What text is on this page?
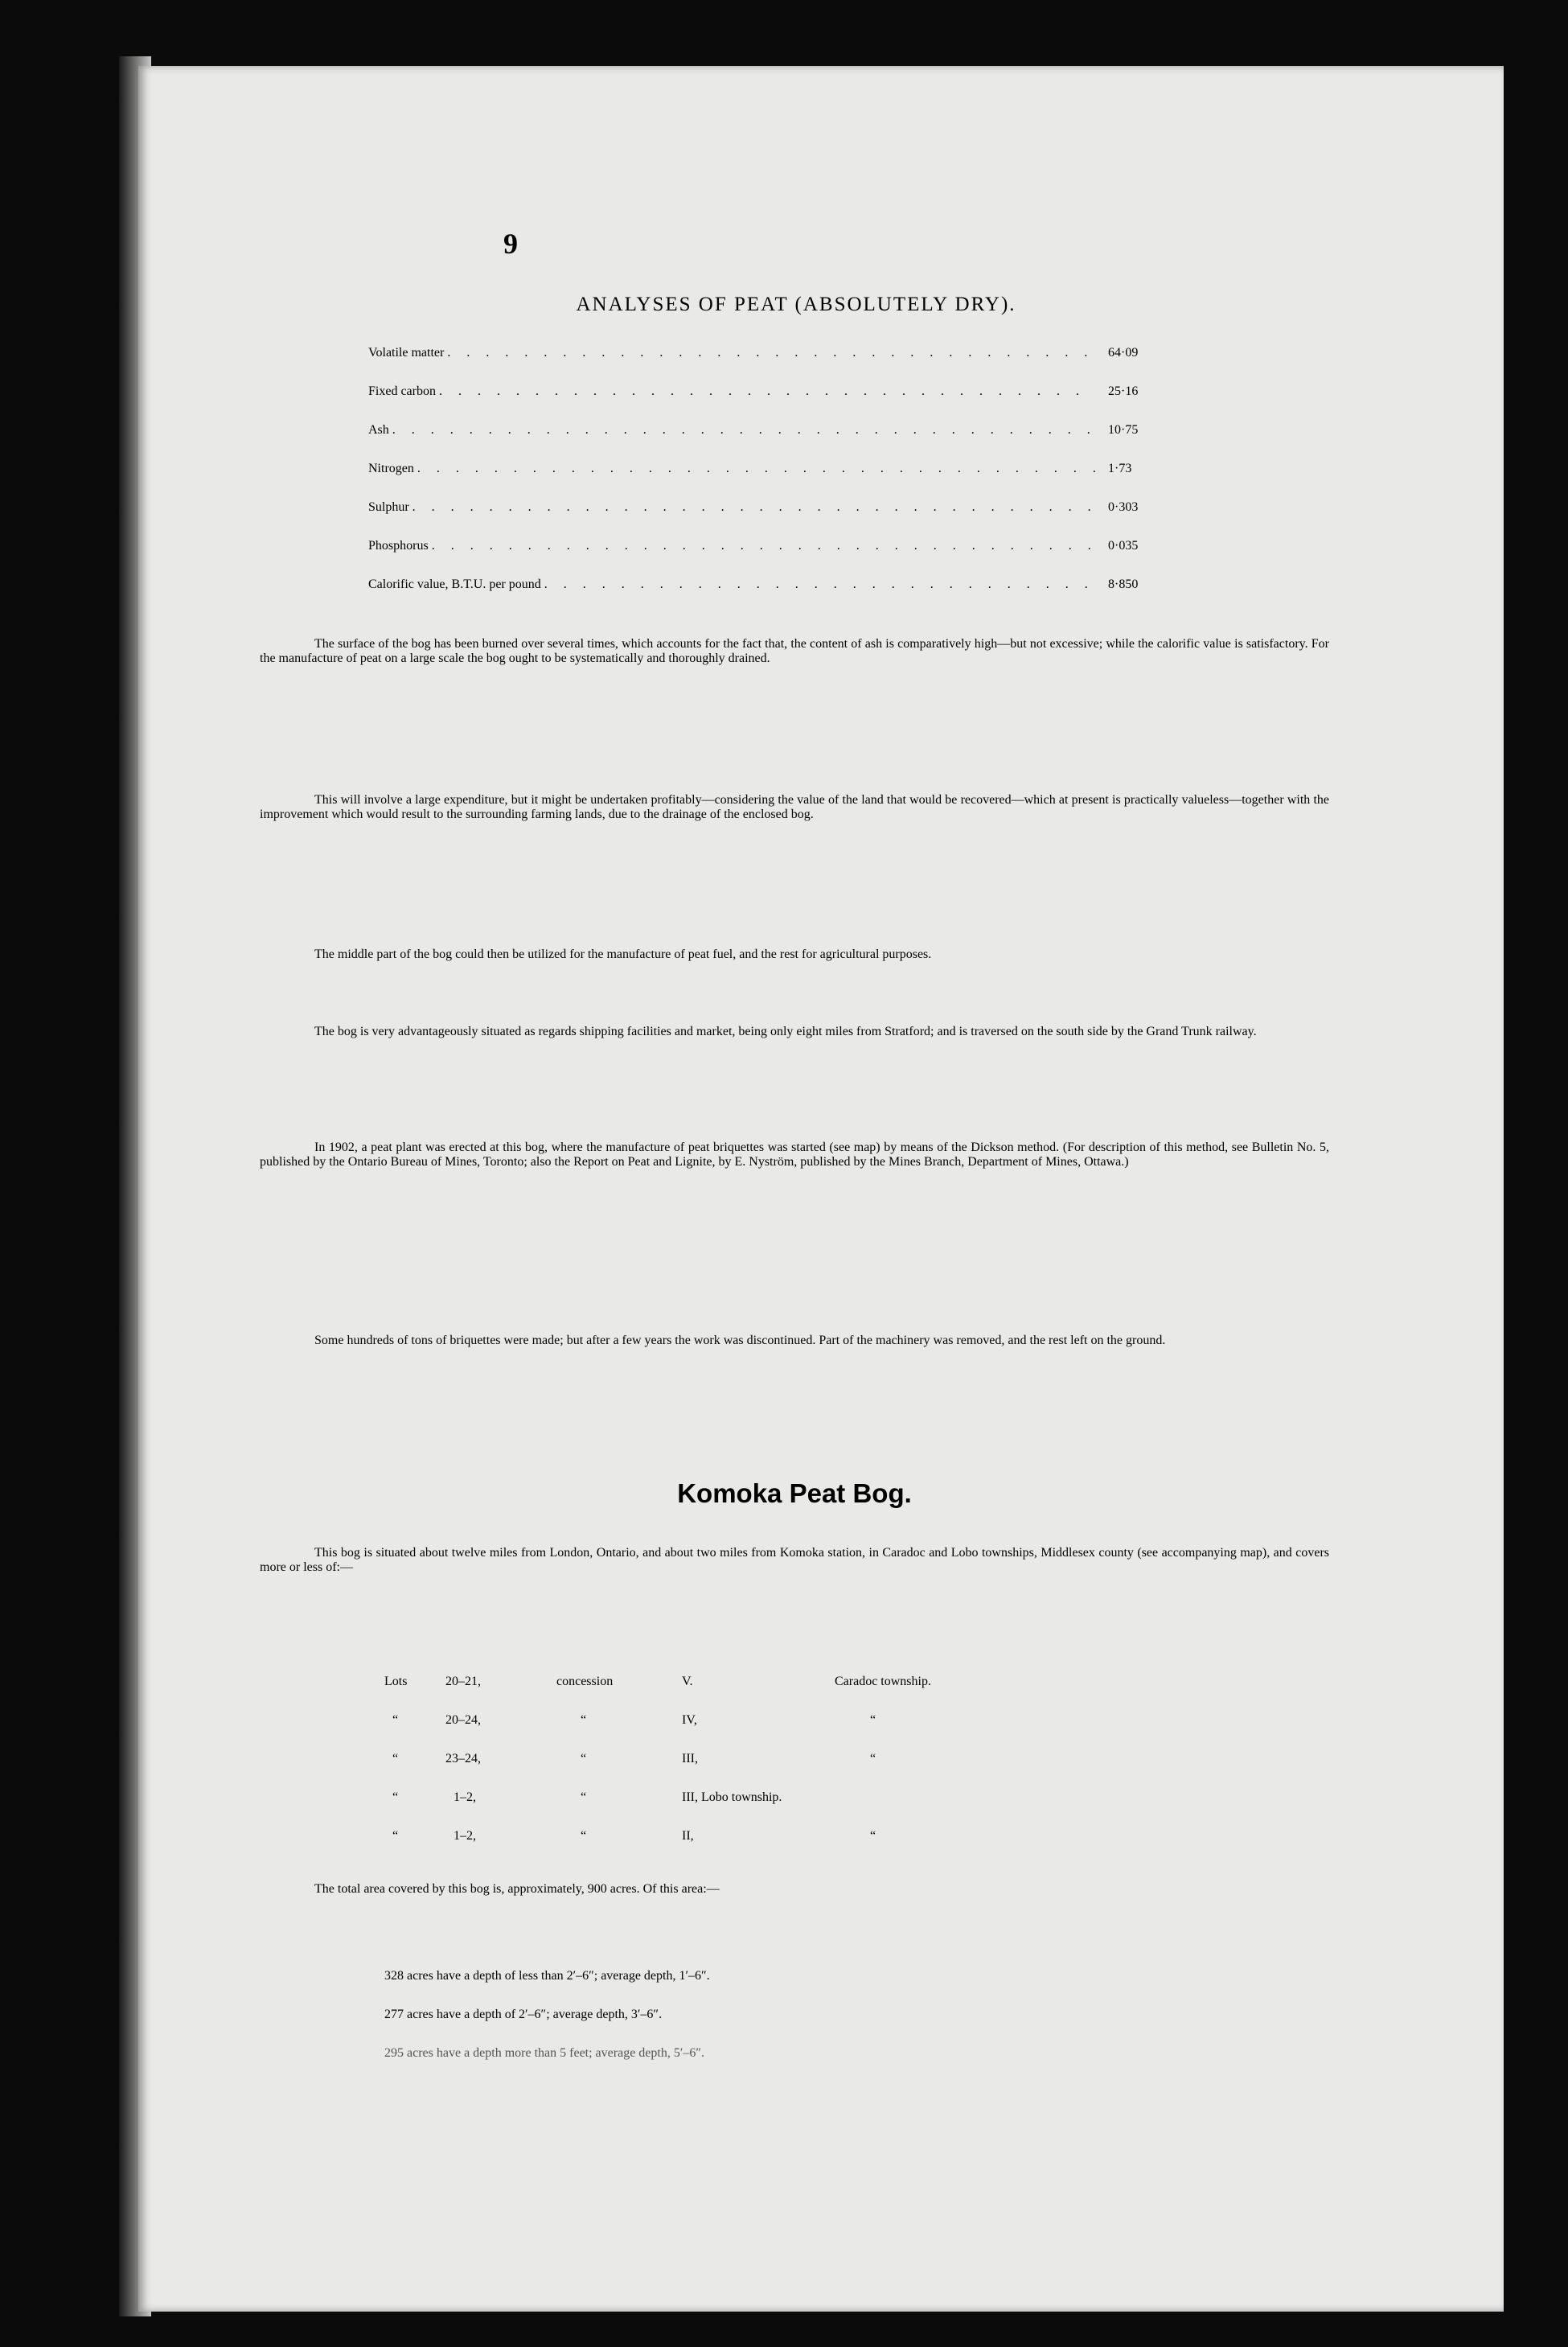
9
ANALYSES OF PEAT (ABSOLUTELY DRY).
Volatile matter . . .	64·09
Fixed carbon . . .	25·16
Ash . . .	10·75
Nitrogen . . .	1·73
Sulphur . . .	0·303
Phosphorus . . .	0·035
Calorific value, B.T.U. per pound . . .	8·850
The surface of the bog has been burned over several times, which accounts for the fact that, the content of ash is comparatively high—but not excessive; while the calorific value is satisfactory. For the manufacture of peat on a large scale the bog ought to be systematically and thoroughly drained.
This will involve a large expenditure, but it might be undertaken profitably—considering the value of the land that would be recovered—which at present is practically valueless—together with the improvement which would result to the surrounding farming lands, due to the drainage of the enclosed bog.
The middle part of the bog could then be utilized for the manufacture of peat fuel, and the rest for agricultural purposes.
The bog is very advantageously situated as regards shipping facilities and market, being only eight miles from Stratford; and is traversed on the south side by the Grand Trunk railway.
In 1902, a peat plant was erected at this bog, where the manufacture of peat briquettes was started (see map) by means of the Dickson method. (For description of this method, see Bulletin No. 5, published by the Ontario Bureau of Mines, Toronto; also the Report on Peat and Lignite, by E. Nyström, published by the Mines Branch, Department of Mines, Ottawa.)
Some hundreds of tons of briquettes were made; but after a few years the work was discontinued. Part of the machinery was removed, and the rest left on the ground.
Komoka Peat Bog.
This bog is situated about twelve miles from London, Ontario, and about two miles from Komoka station, in Caradoc and Lobo townships, Middlesex county (see accompanying map), and covers more or less of:—
Lots	20–21,	concession	V.	Caradoc township.
“	20–24,	“	IV,	“
“	23–24,	“	III,	“
“	1–2,	“	III, Lobo township.
“	1–2,	“	II,	“
The total area covered by this bog is, approximately, 900 acres. Of this area:—
328 acres have a depth of less than 2′–6″; average depth, 1′–6″.
277 acres have a depth of 2′–6″; average depth, 3′–6″.
295 acres have a depth more than 5 feet; average depth, 5′–6″.
